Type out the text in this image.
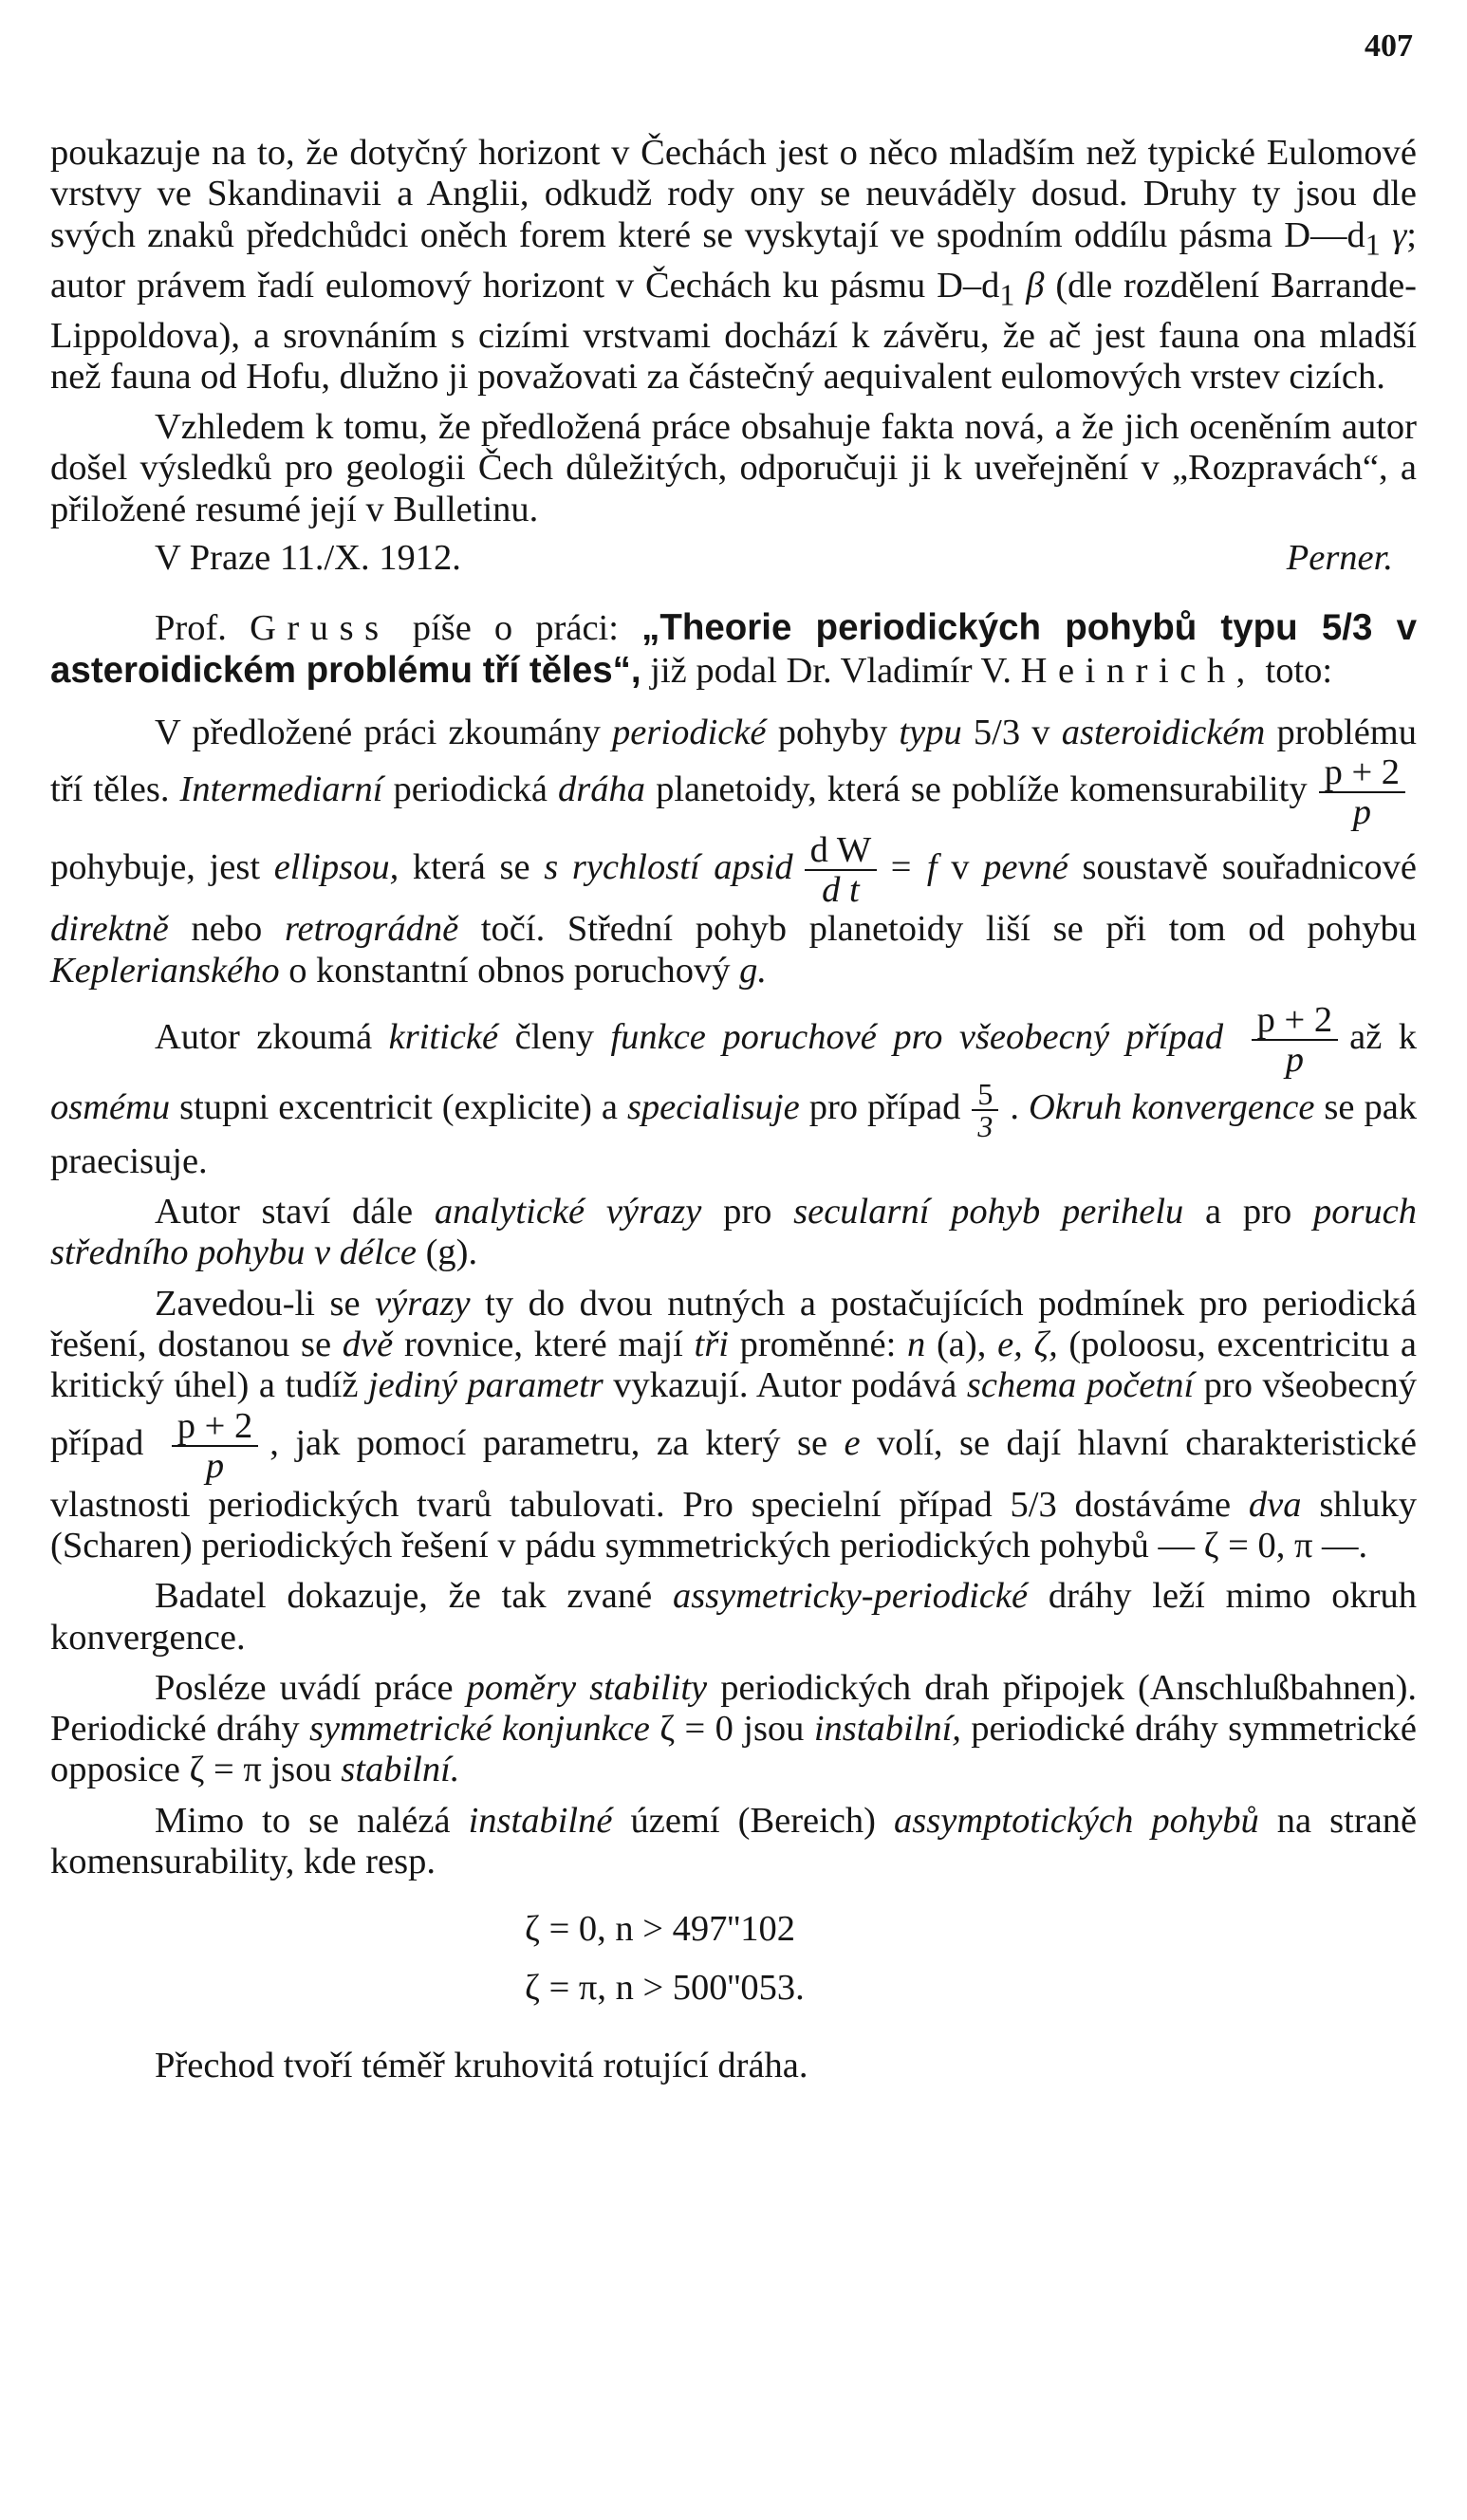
407

poukazuje na to, že dotyčný horizont v Čechách jest o něco mladším než typické Eulomové vrstvy ve Skandinavii a Anglii, odkudž rody ony se neuváděly dosud. Druhy ty jsou dle svých znaků předchůdci oněch forem které se vyskytají ve spodním oddílu pásma $D—d_1$ γ; autor právem řadí eulomový horizont v Čechách ku pásmu $D-d_1$ β (dle rozdělení Barrande-Lippoldova), a srovnáním s cizími vrstvami dochází k závěru, že ač jest fauna ona mladší než fauna od Hofu, dlužno ji považovati za částečný aequivalent eulomových vrstev cizích.

Vzhledem k tomu, že předložená práce obsahuje fakta nová, a že jich oceněním autor došel výsledků pro geologii Čech důležitých, odporučuji ji k uveřejnění v „Rozpravách“, a přiložené resumé její v Bulletinu.

V Praze 11./X. 1912.	Perner.

Prof. Gruss píše o práci: „Theorie periodických pohybů typu 5/3 v asteroidickém problému tří těles“, již podal Dr. Vladimír V. Heinrich, toto:

V předložené práci zkoumány periodické pohyby typu 5/3 v asteroidickém problému tří těles. Intermediarní periodická dráha planetoidy, která se poblíže komensurability $\frac{p + 2}{p}$
pohybuje, jest ellipsou, která se s rychlostí apsid $\frac{\text{d W}}{\text{d t}} = f$ v pevné soustavě souřadnicové direktně nebo retrográdně točí. Střední pohyb planetoidy liší se při tom od pohybu Keplerianského o konstantní obnos poruchový g.

Autor zkoumá kritické členy funkce poruchové pro všeobecný případ $\frac{p + 2}{p}$ až k osmému stupni excentricit (explicite) a specialisuje pro případ $\frac{5}{3}$ . Okruh konvergence se pak praecisuje.

Autor staví dále analytické výrazy pro secularní pohyb perihelu a pro poruch středního pohybu v délce (g).

Zavedou-li se výrazy ty do dvou nutných a postačujících podmínek pro periodická řešení, dostanou se dvě rovnice, které mají tři proměnné: n (a), e, ζ, (poloosu, excentricitu a kritický úhel) a tudíž jediný parametr vykazují. Autor podává schema početní pro všeobecný případ $\frac{p + 2}{p}$ , jak pomocí parametru, za který se e volí, se dají hlavní charakteristické vlastnosti periodických tvarů tabulovati. Pro specielní případ 5/3 dostáváme dva shluky (Scharen) periodických řešení v pádu symmetrických periodických pohybů — ζ = 0, π —.

Badatel dokazuje, že tak zvané assymetricky-periodické dráhy leží mimo okruh konvergence.

Posléze uvádí práce poměry stability periodických drah připojek (Anschlußbahnen). Periodické dráhy symmetrické konjunkce ζ = 0 jsou instabilní, periodické dráhy symmetrické opposice ζ = π jsou stabilní.

Mimo to se nalézá instabilné území (Bereich) assymptotických pohybů na straně komensurability, kde resp.

ζ = 0, n > 497''102

ζ = π, n > 500''053.

Přechod tvoří téměř kruhovitá rotující dráha.
